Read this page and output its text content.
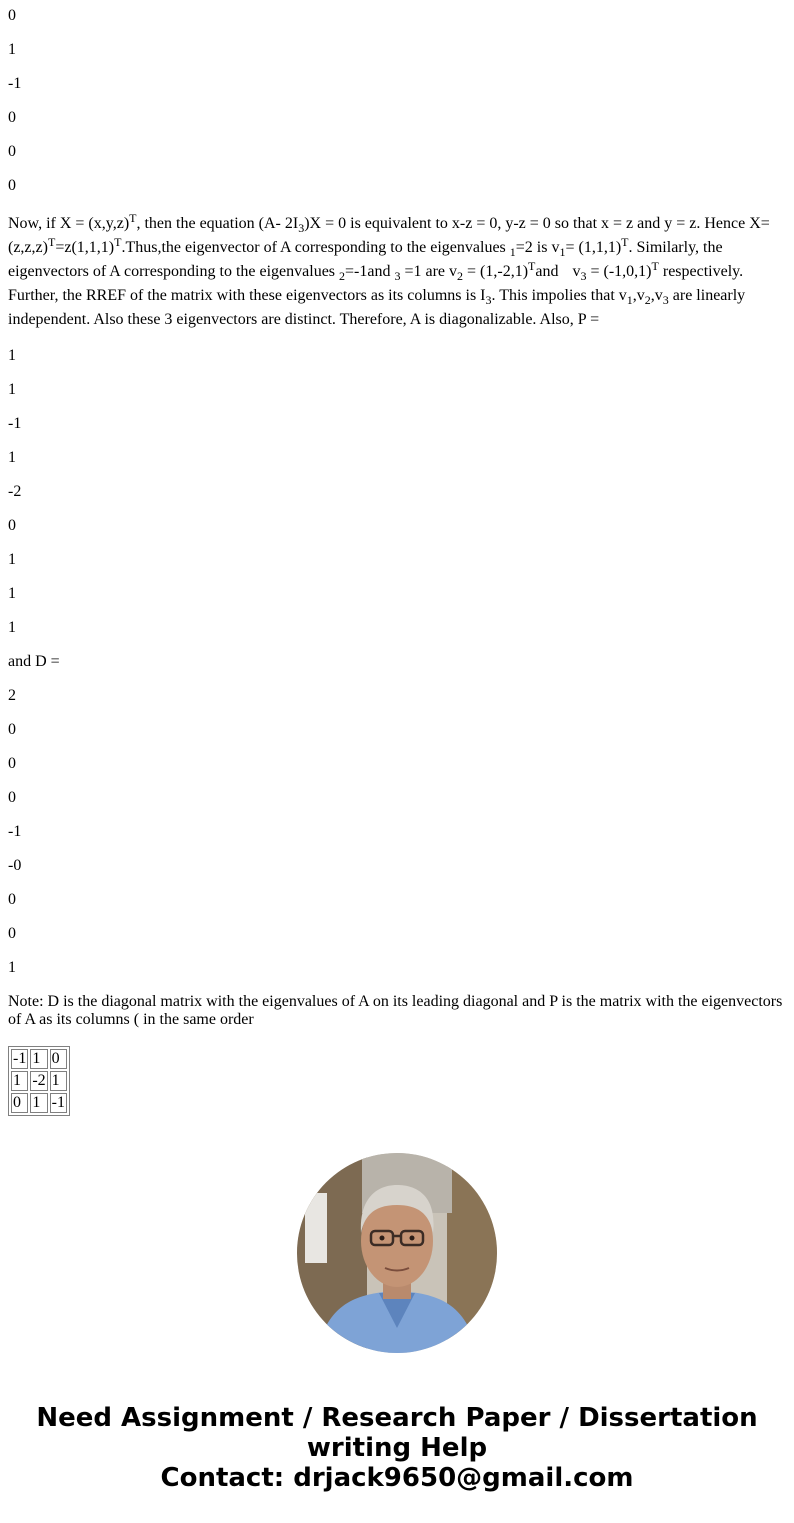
0

1

-1

0

0

0

Now, if $X = (x,y,z)^T$, then the equation (A- $2I_3)X = 0$ is equivalent to x-z = 0, y-z = 0 so that x = z and y = z. Hence $X= (z,z,z)^T=z(1,1,1)^T.Thus,the$ eigenvector of A corresponding to the eigenvalues $_1$=2 is $v_1= (1,1,1)^T$. Similarly, the eigenvectors of A corresponding to the eigenvalues $_2$=-1and $_3$ =1 are $v_2 = (1,-2,1)^Tand$ $v_3 = (-1,0,1)^T$ respectively. Further, the RREF of the matrix with these eigenvectors as its columns is $I_3$. This impolies that $v_1,v_2,v_3$ are linearly independent. Also these 3 eigenvectors are distinct. Therefore, A is diagonalizable. Also, P =

1

1

-1

1

-2

0

1

1

1

and D =

2

0

0

0

-1

-0

0

0

1

Note: D is the diagonal matrix with the eigenvalues of A on its leading diagonal and P is the matrix with the eigenvectors of A as its columns ( in the same order

-1	1	0
1	-2	1
0	1	-1
Need Assignment / Research Paper / Dissertation
writing Help
Contact: drjack9650@gmail.com
